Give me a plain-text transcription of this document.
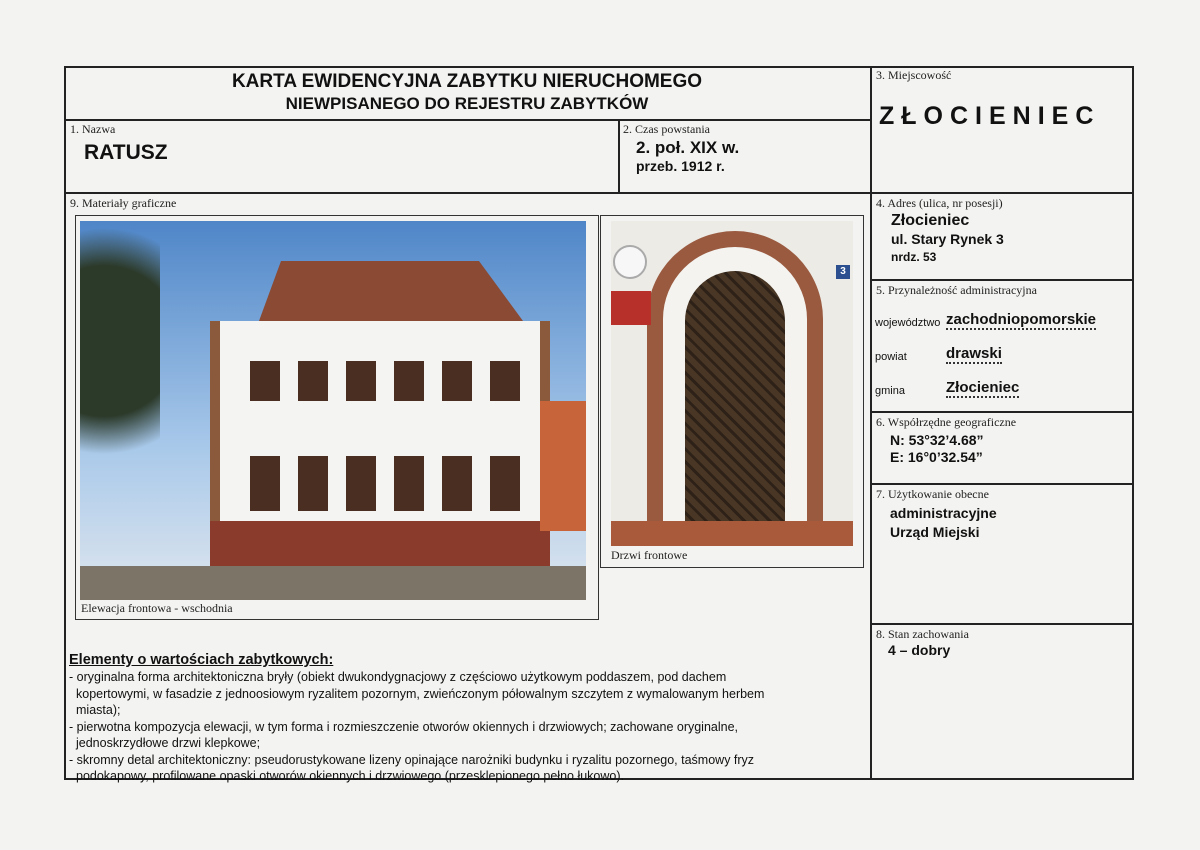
KARTA EWIDENCYJNA ZABYTKU NIERUCHOMEGO
NIEWPISANEGO DO REJESTRU ZABYTKÓW
1. Nazwa
RATUSZ
2. Czas powstania
2. poł. XIX w.
przeb. 1912 r.
3. Miejscowość
ZŁOCIENIEC
9. Materiały graficzne
Elewacja frontowa - wschodnia
3
Drzwi frontowe
4. Adres (ulica, nr posesji)
Złocieniec
ul. Stary Rynek 3
nrdz. 53
5. Przynależność administracyjna
województwo zachodniopomorskie
powiat	drawski
gmina	Złocieniec
6. Współrzędne geograficzne
N: 53°32’4.68”
E: 16°0’32.54”
7. Użytkowanie obecne
administracyjne
Urząd Miejski
8. Stan zachowania
4 – dobry
Elementy o wartościach zabytkowych:
- oryginalna forma architektoniczna bryły (obiekt dwukondygnacjowy z częściowo użytkowym poddaszem, pod dachem
kopertowymi, w fasadzie z jednoosiowym ryzalitem pozornym, zwieńczonym półowalnym szczytem z wymalowanym herbem
miasta);
- pierwotna kompozycja elewacji, w tym forma i rozmieszczenie otworów okiennych i drzwiowych; zachowane oryginalne,
jednoskrzydłowe drzwi klepkowe;
- skromny detal architektoniczny: pseudorustykowane lizeny opinające narożniki budynku i ryzalitu pozornego, taśmowy fryz
podokapowy, profilowane opaski otworów okiennych i drzwiowego (przesklepionego pełno łukowo).
